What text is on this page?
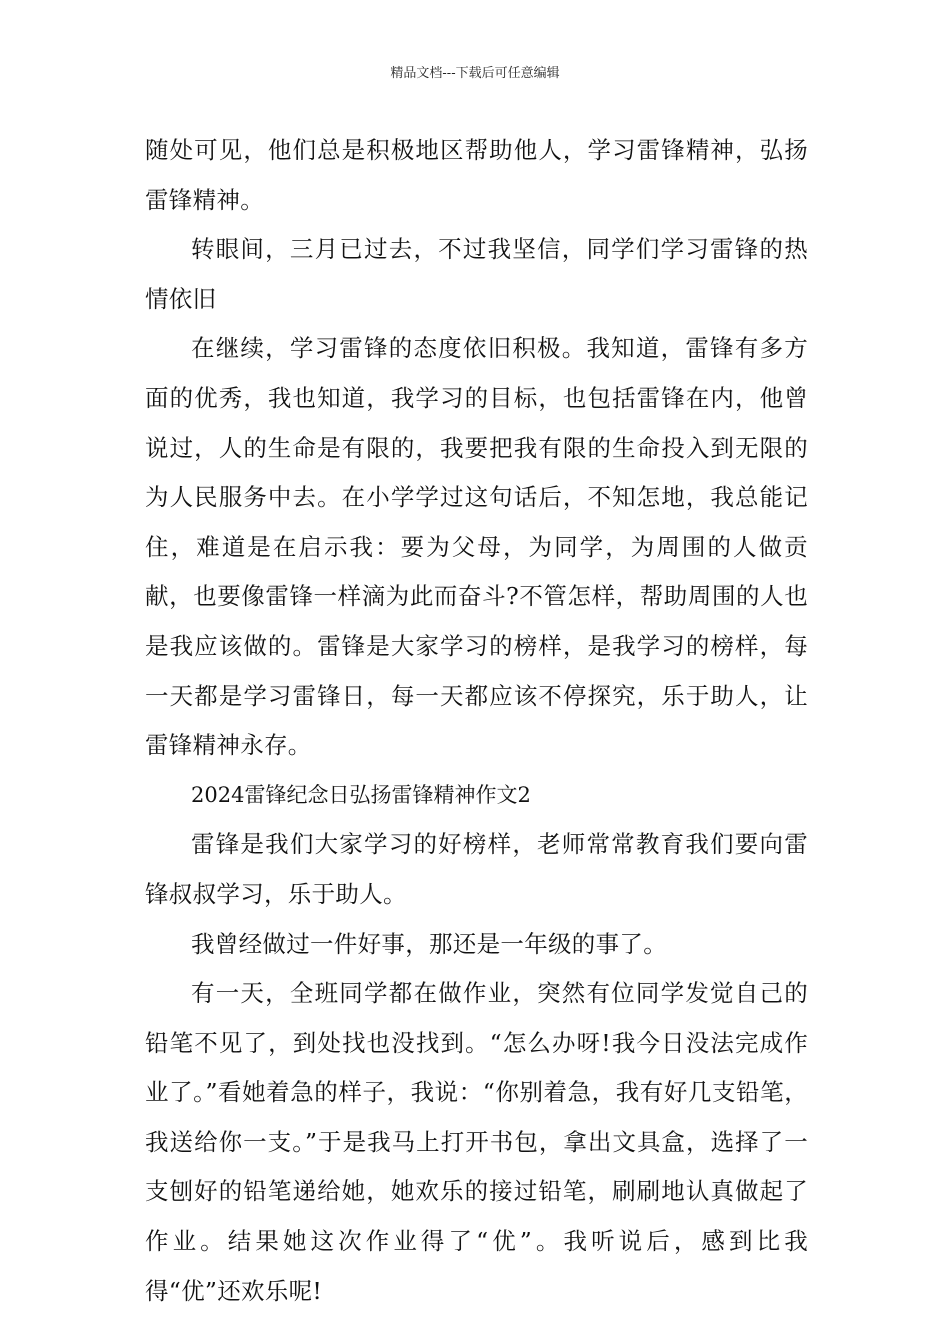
精品文档---下载后可任意编辑

随处可见，他们总是积极地区帮助他人，学习雷锋精神，弘扬雷锋精神。

转眼间，三月已过去，不过我坚信，同学们学习雷锋的热情依旧

在继续，学习雷锋的态度依旧积极。我知道，雷锋有多方面的优秀，我也知道，我学习的目标，也包括雷锋在内，他曾说过，人的生命是有限的，我要把我有限的生命投入到无限的为人民服务中去。在小学学过这句话后，不知怎地，我总能记住，难道是在启示我：要为父母，为同学，为周围的人做贡献，也要像雷锋一样滴为此而奋斗?不管怎样，帮助周围的人也是我应该做的。雷锋是大家学习的榜样，是我学习的榜样，每一天都是学习雷锋日，每一天都应该不停探究，乐于助人，让雷锋精神永存。

2024雷锋纪念日弘扬雷锋精神作文2

雷锋是我们大家学习的好榜样，老师常常教育我们要向雷锋叔叔学习，乐于助人。

我曾经做过一件好事，那还是一年级的事了。

有一天，全班同学都在做作业，突然有位同学发觉自己的铅笔不见了，到处找也没找到。“怎么办呀!我今日没法完成作业了。”看她着急的样子，我说：“你别着急，我有好几支铅笔，我送给你一支。”于是我马上打开书包，拿出文具盒，选择了一支刨好的铅笔递给她，她欢乐的接过铅笔，刷刷地认真做起了作业。结果她这次作业得了“优”。我听说后，感到比我得“优”还欢乐呢!
